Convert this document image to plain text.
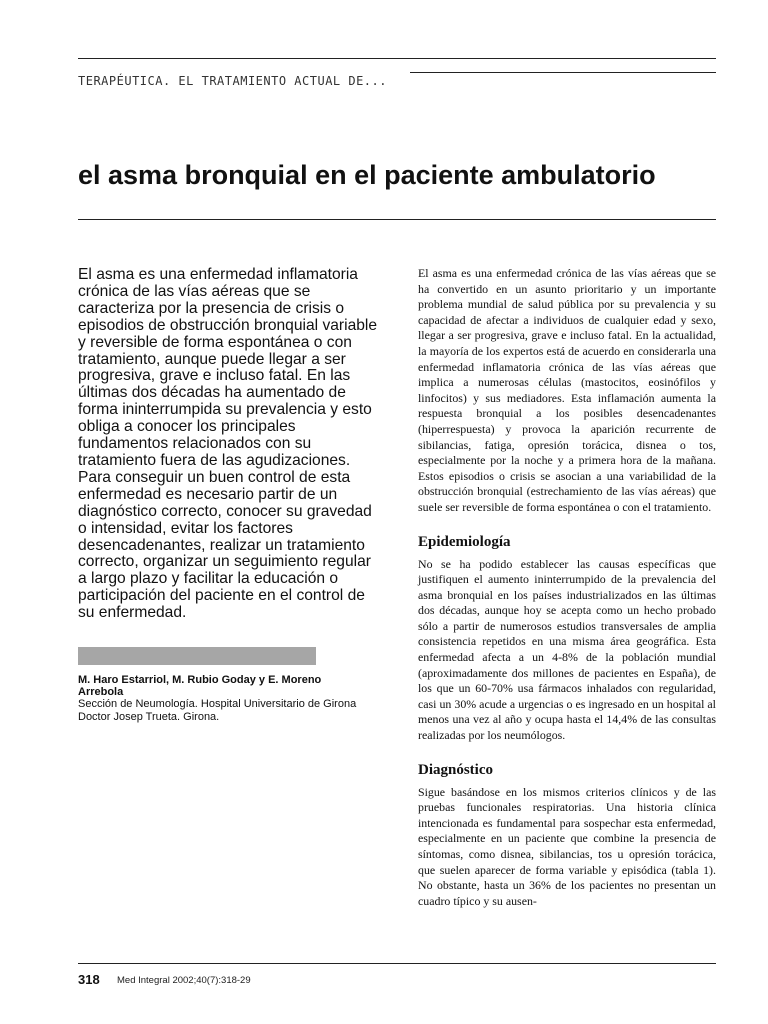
TERAPÉUTICA. EL TRATAMIENTO ACTUAL DE...
el asma bronquial en el paciente ambulatorio

El asma es una enfermedad inflamatoria crónica de las vías aéreas que se caracteriza por la presencia de crisis o episodios de obstrucción bronquial variable y reversible de forma espontánea o con tratamiento, aunque puede llegar a ser progresiva, grave e incluso fatal. En las últimas dos décadas ha aumentado de forma ininterrumpida su prevalencia y esto obliga a conocer los principales fundamentos relacionados con su tratamiento fuera de las agudizaciones. Para conseguir un buen control de esta enfermedad es necesario partir de un diagnóstico correcto, conocer su gravedad o intensidad, evitar los factores desencadenantes, realizar un tratamiento correcto, organizar un seguimiento regular a largo plazo y facilitar la educación o participación del paciente en el control de su enfermedad.

M. Haro Estarriol, M. Rubio Goday y E. Moreno Arrebola

Sección de Neumología. Hospital Universitario de Girona Doctor Josep Trueta. Girona.

El asma es una enfermedad crónica de las vías aéreas que se ha convertido en un asunto prioritario y un importante problema mundial de salud pública por su prevalencia y su capacidad de afectar a individuos de cualquier edad y sexo, llegar a ser progresiva, grave e incluso fatal. En la actualidad, la mayoría de los expertos está de acuerdo en considerarla una enfermedad inflamatoria crónica de las vías aéreas que implica a numerosas células (mastocitos, eosinófilos y linfocitos) y sus mediadores. Esta inflamación aumenta la respuesta bronquial a los posibles desencadenantes (hiperrespuesta) y provoca la aparición recurrente de sibilancias, fatiga, opresión torácica, disnea o tos, especialmente por la noche y a primera hora de la mañana. Estos episodios o crisis se asocian a una variabilidad de la obstrucción bronquial (estrechamiento de las vías aéreas) que suele ser reversible de forma espontánea o con el tratamiento.

Epidemiología

No se ha podido establecer las causas específicas que justifiquen el aumento ininterrumpido de la prevalencia del asma bronquial en los países industrializados en las últimas dos décadas, aunque hoy se acepta como un hecho probado sólo a partir de numerosos estudios transversales de amplia consistencia repetidos en una misma área geográfica. Esta enfermedad afecta a un 4-8% de la población mundial (aproximadamente dos millones de pacientes en España), de los que un 60-70% usa fármacos inhalados con regularidad, casi un 30% acude a urgencias o es ingresado en un hospital al menos una vez al año y ocupa hasta el 14,4% de las consultas realizadas por los neumólogos.

Diagnóstico

Sigue basándose en los mismos criterios clínicos y de las pruebas funcionales respiratorias. Una historia clínica intencionada es fundamental para sospechar esta enfermedad, especialmente en un paciente que combine la presencia de síntomas, como disnea, sibilancias, tos u opresión torácica, que suelen aparecer de forma variable y episódica (tabla 1). No obstante, hasta un 36% de los pacientes no presentan un cuadro típico y su ausen-

318 Med Integral 2002;40(7):318-29
